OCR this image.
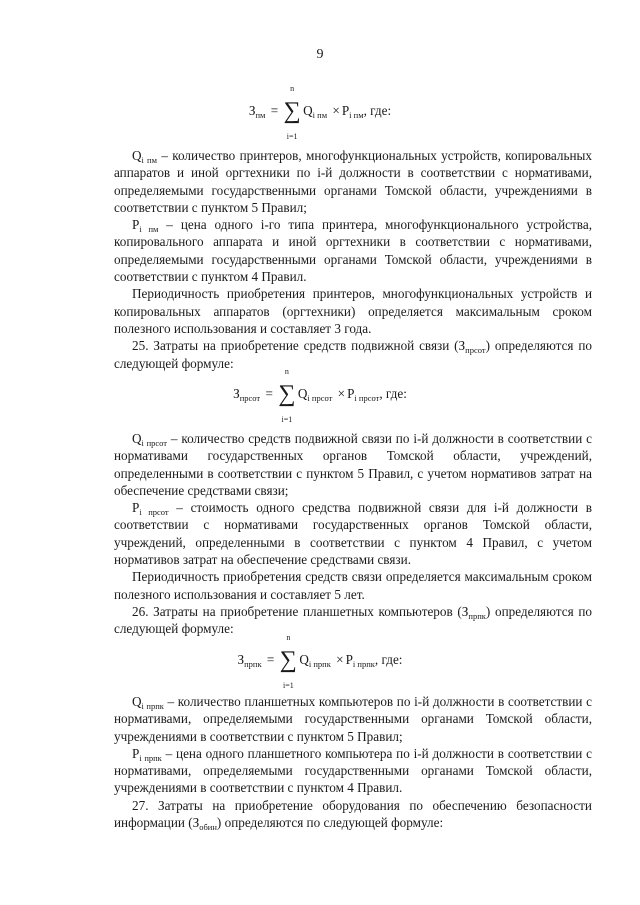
9
$З_{пм}$ =
n
∑
i=1
$Q_{i пм} \times P_{i пм}$, где:

$Q_{i пм}$ – количество принтеров, многофункциональных устройств, копировальных аппаратов и иной оргтехники по i-й должности в соответствии с нормативами, определяемыми государственными органами Томской области, учреждениями в соответствии с пунктом 5 Правил;

$P_{i пм}$ – цена одного i-го типа принтера, многофункционального устройства, копировального аппарата и иной оргтехники в соответствии с нормативами, определяемыми государственными органами Томской области, учреждениями в соответствии с пунктом 4 Правил.

Периодичность приобретения принтеров, многофункциональных устройств и копировальных аппаратов (оргтехники) определяется максимальным сроком полезного использования и составляет 3 года.

25. Затраты на приобретение средств подвижной связи $(З_{прсот})$ определяются по следующей формуле:

$З_{прсот}$ =
n
∑
i=1
$Q_{i прсот} \times P_{i прсот}$, где:

$Q_{i прсот}$ – количество средств подвижной связи по i-й должности в соответствии с нормативами государственных органов Томской области, учреждений, определенными в соответствии с пунктом 5 Правил, с учетом нормативов затрат на обеспечение средствами связи;

$P_{i прсот}$ – стоимость одного средства подвижной связи для i-й должности в соответствии с нормативами государственных органов Томской области, учреждений, определенными в соответствии с пунктом 4 Правил, с учетом нормативов затрат на обеспечение средствами связи.

Периодичность приобретения средств связи определяется максимальным сроком полезного использования и составляет 5 лет.

26. Затраты на приобретение планшетных компьютеров $(З_{прпк})$ определяются по следующей формуле:

$З_{прпк}$ =
n
∑
i=1
$Q_{i прпк} \times P_{i прпк}$, где:

$Q_{i прпк}$ – количество планшетных компьютеров по i-й должности в соответствии с нормативами, определяемыми государственными органами Томской области, учреждениями в соответствии с пунктом 5 Правил;

$P_{i прпк}$ – цена одного планшетного компьютера по i-й должности в соответствии с нормативами, определяемыми государственными органами Томской области, учреждениями в соответствии с пунктом 4 Правил.

27. Затраты на приобретение оборудования по обеспечению безопасности информации $(З_{обин})$ определяются по следующей формуле:
